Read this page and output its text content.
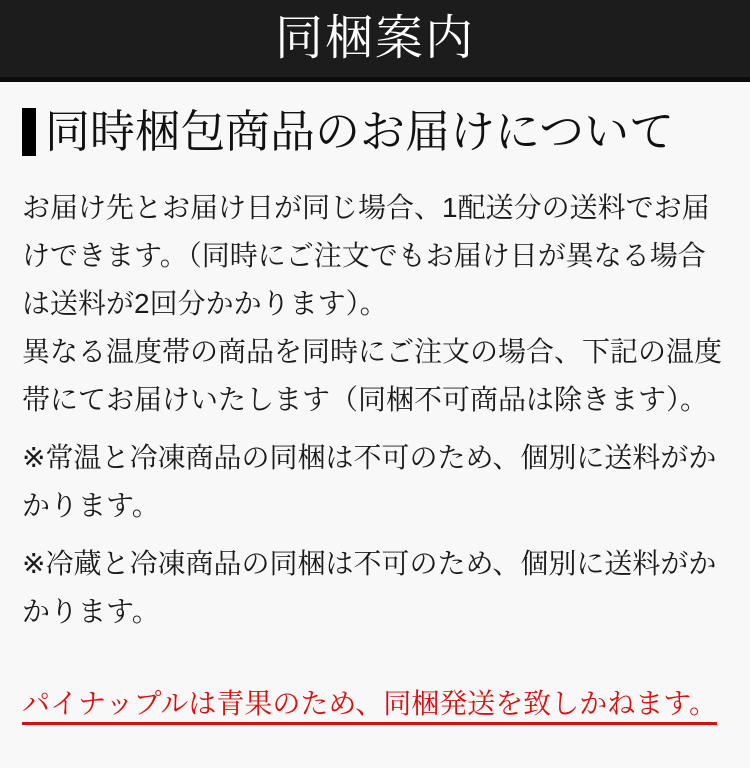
同梱案内
同時梱包商品のお届けについて

お届け先とお届け日が同じ場合、1配送分の送料でお届けできます。（同時にご注文でもお届け日が異なる場合は送料が2回分かかります）。
異なる温度帯の商品を同時にご注文の場合、下記の温度帯にてお届けいたします（同梱不可商品は除きます）。

※常温と冷凍商品の同梱は不可のため、個別に送料がかかります。

※冷蔵と冷凍商品の同梱は不可のため、個別に送料がかかります。

パイナップルは青果のため、同梱発送を致しかねます。
